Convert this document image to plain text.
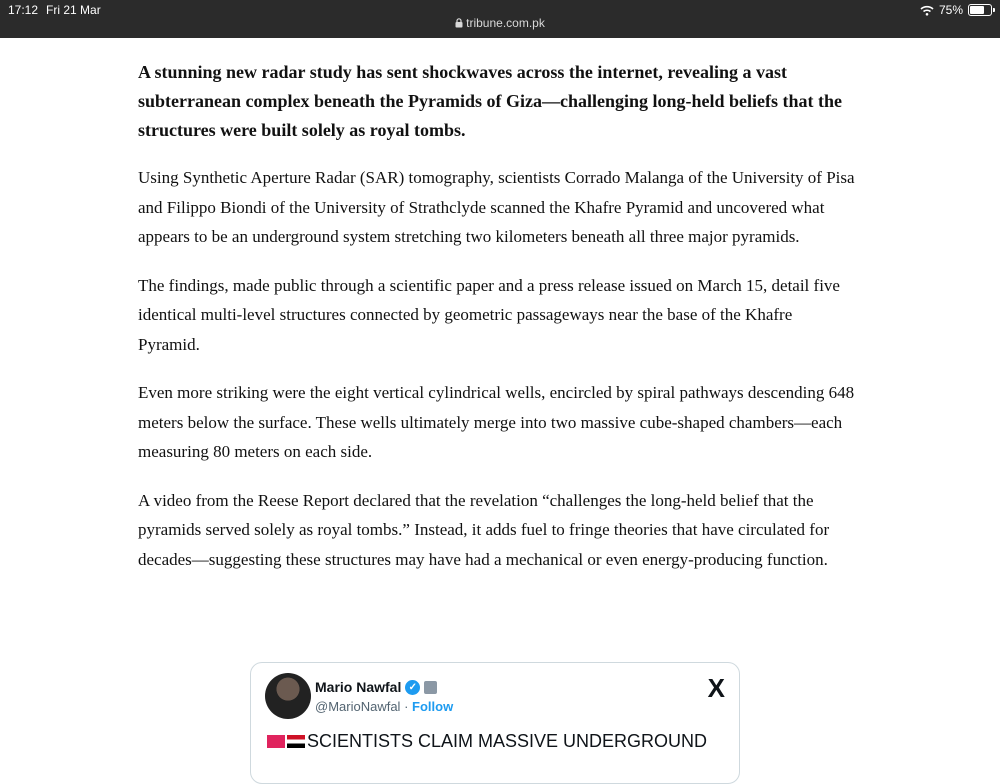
17:12 Fri 21 Mar
tribune.com.pk
75%

A stunning new radar study has sent shockwaves across the internet, revealing a vast subterranean complex beneath the Pyramids of Giza—challenging long-held beliefs that the structures were built solely as royal tombs.

Using Synthetic Aperture Radar (SAR) tomography, scientists Corrado Malanga of the University of Pisa and Filippo Biondi of the University of Strathclyde scanned the Khafre Pyramid and uncovered what appears to be an underground system stretching two kilometers beneath all three major pyramids.

The findings, made public through a scientific paper and a press release issued on March 15, detail five identical multi-level structures connected by geometric passageways near the base of the Khafre Pyramid.

Even more striking were the eight vertical cylindrical wells, encircled by spiral pathways descending 648 meters below the surface. These wells ultimately merge into two massive cube-shaped chambers—each measuring 80 meters on each side.

A video from the Reese Report declared that the revelation “challenges the long-held belief that the pyramids served solely as royal tombs.” Instead, it adds fuel to fringe theories that have circulated for decades—suggesting these structures may have had a mechanical or even energy-producing function.

Mario Nawfal ✓
@MarioNawfal · Follow
X
SCIENTISTS CLAIM MASSIVE UNDERGROUND
